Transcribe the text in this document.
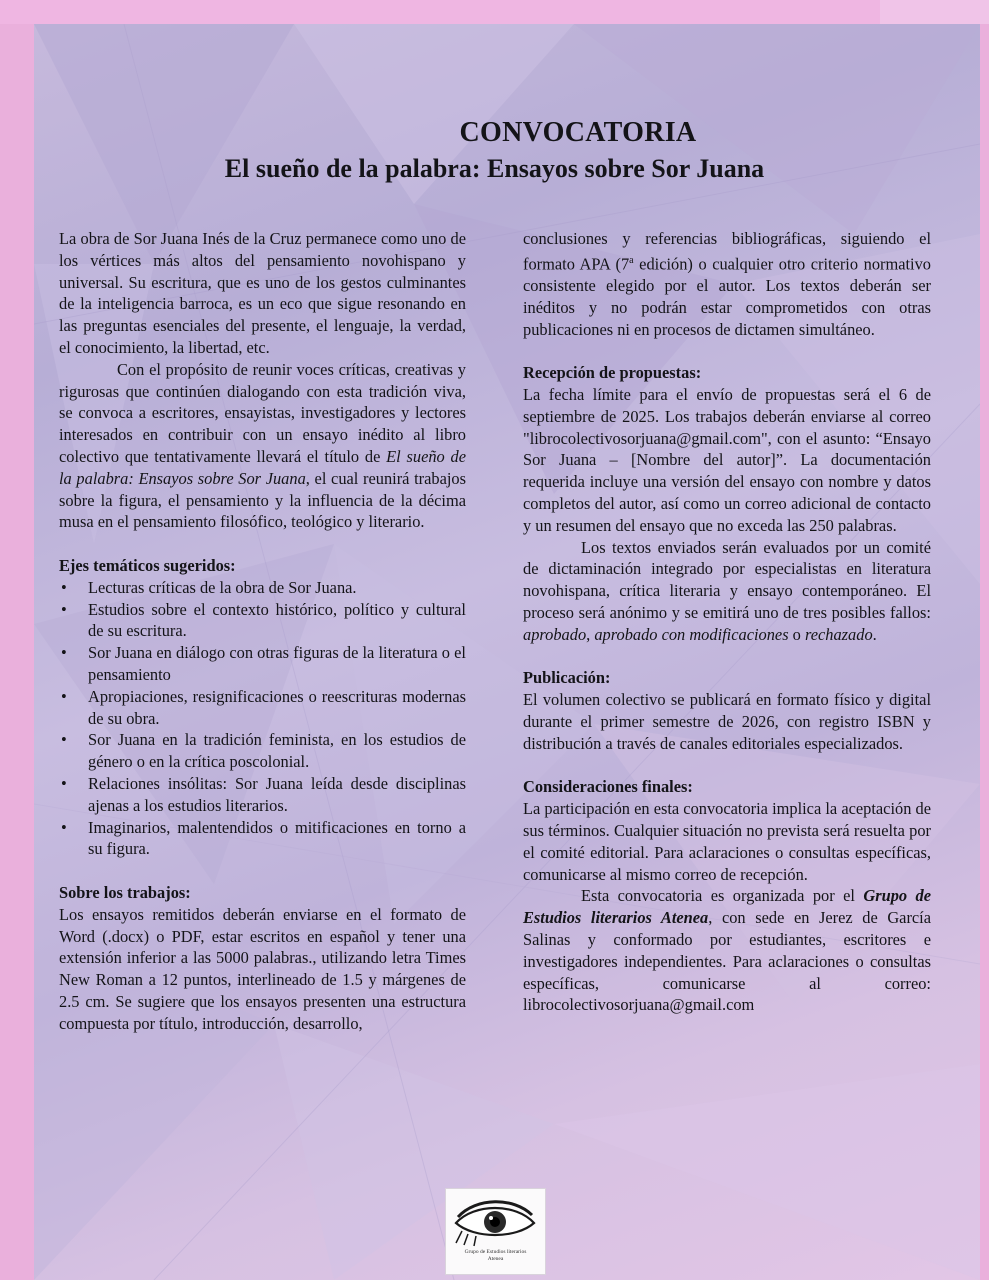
CONVOCATORIA
El sueño de la palabra: Ensayos sobre Sor Juana

La obra de Sor Juana Inés de la Cruz permanece como uno de los vértices más altos del pensamiento novohispano y universal. Su escritura, que es uno de los gestos culminantes de la inteligencia barroca, es un eco que sigue resonando en las preguntas esenciales del presente, el lenguaje, la verdad, el conocimiento, la libertad, etc.

Con el propósito de reunir voces críticas, creativas y rigurosas que continúen dialogando con esta tradición viva, se convoca a escritores, ensayistas, investigadores y lectores interesados en contribuir con un ensayo inédito al libro colectivo que tentativamente llevará el título de El sueño de la palabra: Ensayos sobre Sor Juana, el cual reunirá trabajos sobre la figura, el pensamiento y la influencia de la décima musa en el pensamiento filosófico, teológico y literario.

Ejes temáticos sugeridos:

• Lecturas críticas de la obra de Sor Juana.
• Estudios sobre el contexto histórico, político y cultural de su escritura.
• Sor Juana en diálogo con otras figuras de la literatura o el pensamiento
• Apropiaciones, resignificaciones o reescrituras modernas de su obra.
• Sor Juana en la tradición feminista, en los estudios de género o en la crítica poscolonial.
• Relaciones insólitas: Sor Juana leída desde disciplinas ajenas a los estudios literarios.
• Imaginarios, malentendidos o mitificaciones en torno a su figura.

Sobre los trabajos:

Los ensayos remitidos deberán enviarse en el formato de Word (.docx) o PDF, estar escritos en español y tener una extensión inferior a las 5000 palabras., utilizando letra Times New Roman a 12 puntos, interlineado de 1.5 y márgenes de 2.5 cm. Se sugiere que los ensayos presenten una estructura compuesta por título, introducción, desarrollo,

conclusiones y referencias bibliográficas, siguiendo el formato APA (7$^a$ edición) o cualquier otro criterio normativo consistente elegido por el autor. Los textos deberán ser inéditos y no podrán estar comprometidos con otras publicaciones ni en procesos de dictamen simultáneo.

Recepción de propuestas:

La fecha límite para el envío de propuestas será el 6 de septiembre de 2025. Los trabajos deberán enviarse al correo "librocolectivosorjuana@gmail.com", con el asunto: “Ensayo Sor Juana – [Nombre del autor]”. La documentación requerida incluye una versión del ensayo con nombre y datos completos del autor, así como un correo adicional de contacto y un resumen del ensayo que no exceda las 250 palabras.

Los textos enviados serán evaluados por un comité de dictaminación integrado por especialistas en literatura novohispana, crítica literaria y ensayo contemporáneo. El proceso será anónimo y se emitirá uno de tres posibles fallos: aprobado, aprobado con modificaciones o rechazado.

Publicación:

El volumen colectivo se publicará en formato físico y digital durante el primer semestre de 2026, con registro ISBN y distribución a través de canales editoriales especializados.

Consideraciones finales:

La participación en esta convocatoria implica la aceptación de sus términos. Cualquier situación no prevista será resuelta por el comité editorial. Para aclaraciones o consultas específicas, comunicarse al mismo correo de recepción.

Esta convocatoria es organizada por el Grupo de Estudios literarios Atenea, con sede en Jerez de García Salinas y conformado por estudiantes, escritores e investigadores independientes. Para aclaraciones o consultas específicas, comunicarse al correo: librocolectivosorjuana@gmail.com

Grupo de Estudios literarios
Atenea
